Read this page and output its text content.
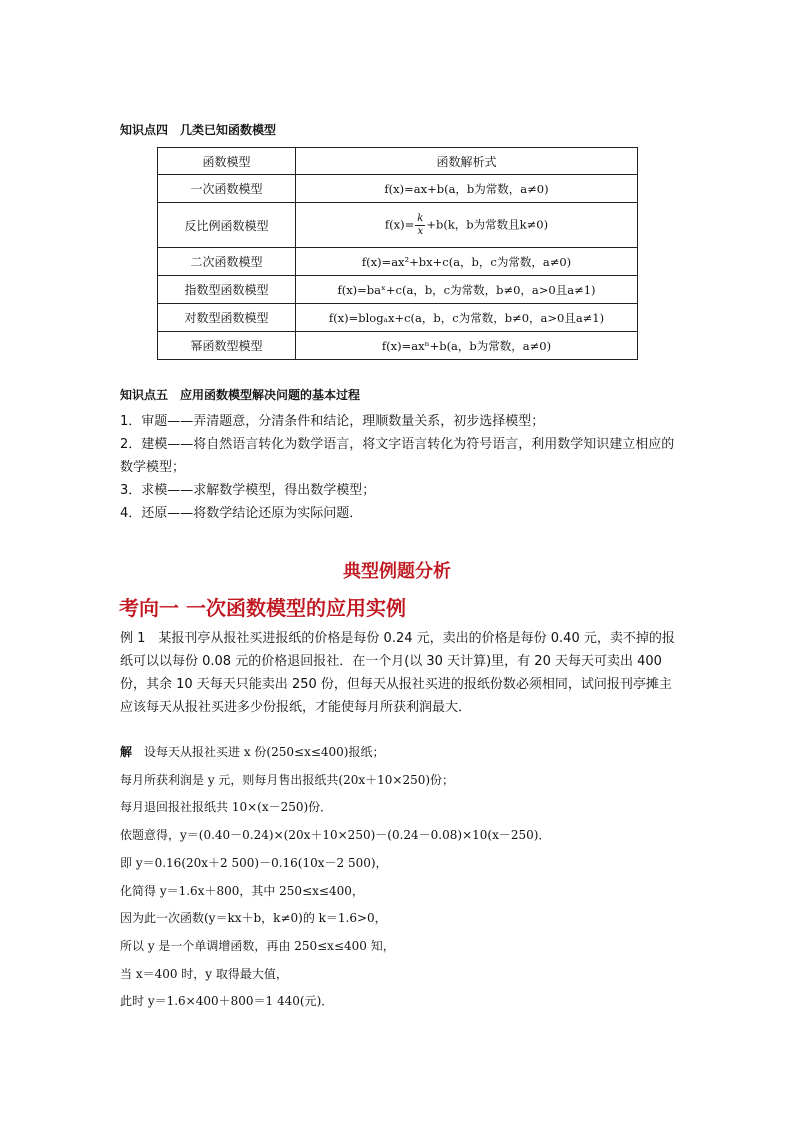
知识点四　几类已知函数模型
函数模型	函数解析式
一次函数模型	f(x)=ax+b(a，b为常数，a≠0)
反比例函数模型	$f(x)= \frac{k}{x} +b(k$，b为常数且k≠0)
二次函数模型	f(x)=ax²+bx+c(a，b，c为常数，a≠0)
指数型函数模型	f(x)=baˣ+c(a，b，c为常数，b≠0，a>0且a≠1)
对数型函数模型	f(x)=blogₐx+c(a，b，c为常数，b≠0，a>0且a≠1)
幂函数型模型	f(x)=axⁿ+b(a，b为常数，a≠0)
知识点五　应用函数模型解决问题的基本过程

1．审题——弄清题意，分清条件和结论，理顺数量关系，初步选择模型；

2．建模——将自然语言转化为数学语言，将文字语言转化为符号语言，利用数学知识建立相应的数学模型；

3．求模——求解数学模型，得出数学模型；

4．还原——将数学结论还原为实际问题．

典型例题分析
考向一 一次函数模型的应用实例

例 1　 某报刊亭从报社买进报纸的价格是每份 0.24 元，卖出的价格是每份 0.40 元，卖不掉的报纸可以以每份 0.08 元的价格退回报社．在一个月(以 30 天计算)里，有 20 天每天可卖出 400 份，其余 10 天每天只能卖出 250 份，但每天从报社买进的报纸份数必须相同，试问报刊亭摊主应该每天从报社买进多少份报纸，才能使每月所获利润最大．

解　 设每天从报社买进 x 份(250≤x≤400)报纸；

每月所获利润是 y 元，则每月售出报纸共(20x＋10×250)份；

每月退回报社报纸共 10×(x－250)份．

依题意得，y＝(0.40－0.24)×(20x＋10×250)－(0.24－0.08)×10(x－250)．

即 y＝0.16(20x＋2 500)－0.16(10x－2 500)，

化简得 y＝1.6x＋800，其中 250≤x≤400，

因为此一次函数(y＝kx＋b，k≠0)的 k＝1.6>0，

所以 y 是一个单调增函数，再由 250≤x≤400 知，

当 x＝400 时，y 取得最大值，

此时 y＝1.6×400＋800＝1 440(元)．
